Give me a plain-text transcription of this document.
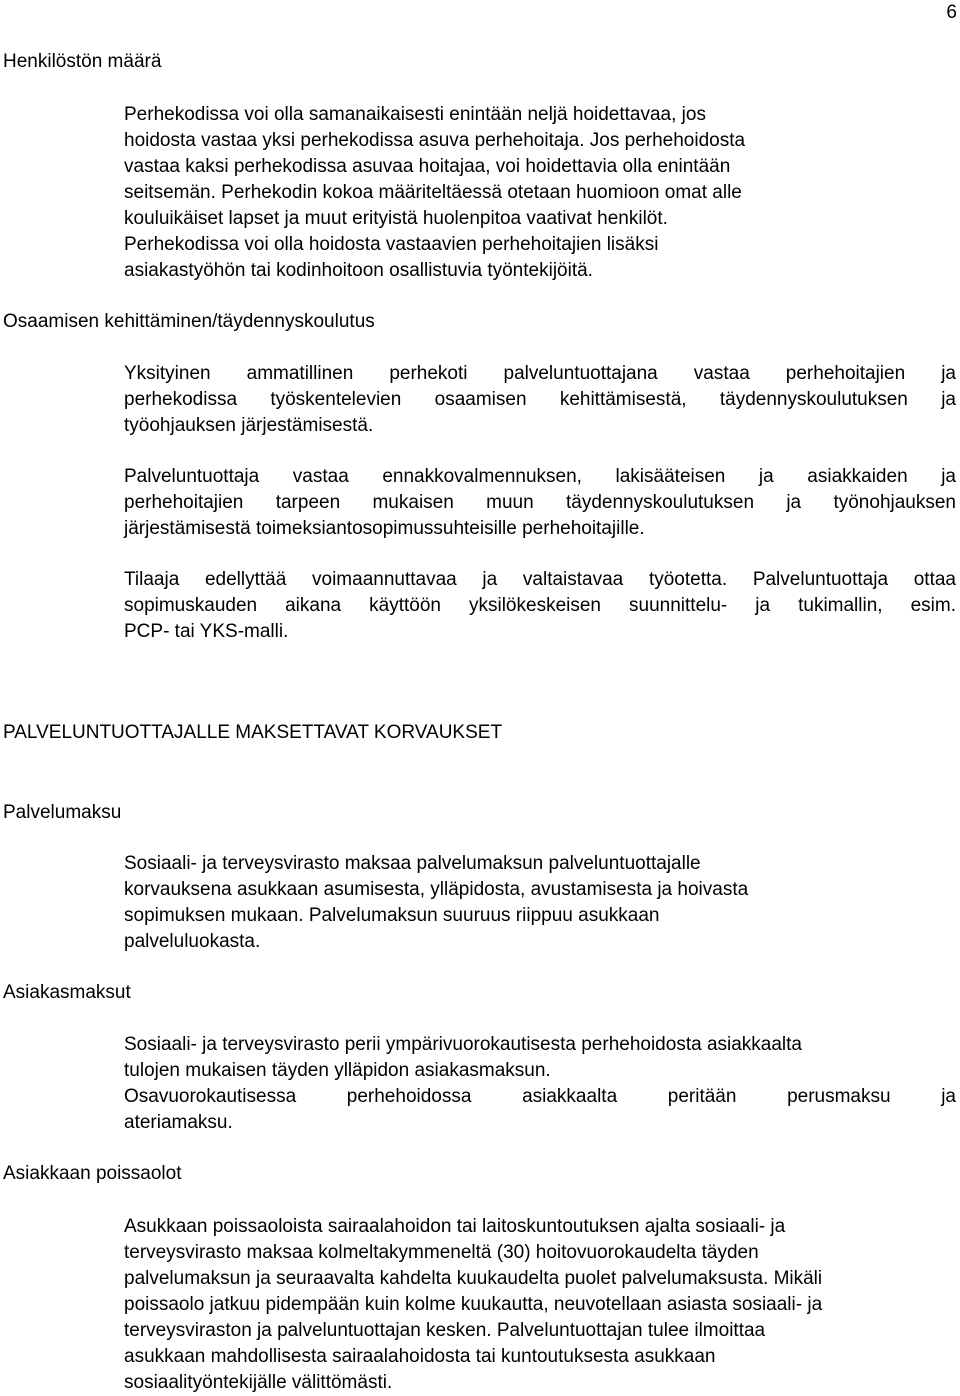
6
Henkilöstön määrä
Perhekodissa voi olla samanaikaisesti enintään neljä hoidettavaa, jos
hoidosta vastaa yksi perhekodissa asuva perhehoitaja. Jos perhehoidosta
vastaa kaksi perhekodissa asuvaa hoitajaa, voi hoidettavia olla enintään
seitsemän. Perhekodin kokoa määriteltäessä otetaan huomioon omat alle
kouluikäiset lapset ja muut erityistä huolenpitoa vaativat henkilöt.
Perhekodissa voi olla hoidosta vastaavien perhehoitajien lisäksi
asiakastyöhön tai kodinhoitoon osallistuvia työntekijöitä.
Osaamisen kehittäminen/täydennyskoulutus
Yksityinen ammatillinen perhekoti palveluntuottajana vastaa perhehoitajien ja
perhekodissa työskentelevien osaamisen kehittämisestä, täydennyskoulutuksen ja
työohjauksen järjestämisestä.
Palveluntuottaja vastaa ennakkovalmennuksen, lakisääteisen ja asiakkaiden ja
perhehoitajien tarpeen mukaisen muun täydennyskoulutuksen ja työnohjauksen
järjestämisestä toimeksiantosopimussuhteisille perhehoitajille.
Tilaaja edellyttää voimaannuttavaa ja valtaistavaa työotetta. Palveluntuottaja ottaa
sopimuskauden aikana käyttöön yksilökeskeisen suunnittelu- ja tukimallin, esim.
PCP- tai YKS-malli.
PALVELUNTUOTTAJALLE MAKSETTAVAT KORVAUKSET
Palvelumaksu
Sosiaali- ja terveysvirasto maksaa palvelumaksun palveluntuottajalle
korvauksena asukkaan asumisesta, ylläpidosta, avustamisesta ja hoivasta
sopimuksen mukaan. Palvelumaksun suuruus riippuu asukkaan
palveluluokasta.
Asiakasmaksut
Sosiaali- ja terveysvirasto perii ympärivuorokautisesta perhehoidosta asiakkaalta
tulojen mukaisen täyden ylläpidon asiakasmaksun.
Osavuorokautisessa perhehoidossa asiakkaalta peritään perusmaksu ja
ateriamaksu.
Asiakkaan poissaolot
Asukkaan poissaoloista sairaalahoidon tai laitoskuntoutuksen ajalta sosiaali- ja
terveysvirasto maksaa kolmeltakymmeneltä (30) hoitovuorokaudelta täyden
palvelumaksun ja seuraavalta kahdelta kuukaudelta puolet palvelumaksusta. Mikäli
poissaolo jatkuu pidempään kuin kolme kuukautta, neuvotellaan asiasta sosiaali- ja
terveysviraston ja palveluntuottajan kesken. Palveluntuottajan tulee ilmoittaa
asukkaan mahdollisesta sairaalahoidosta tai kuntoutuksesta asukkaan
sosiaalityöntekijälle välittömästi.
